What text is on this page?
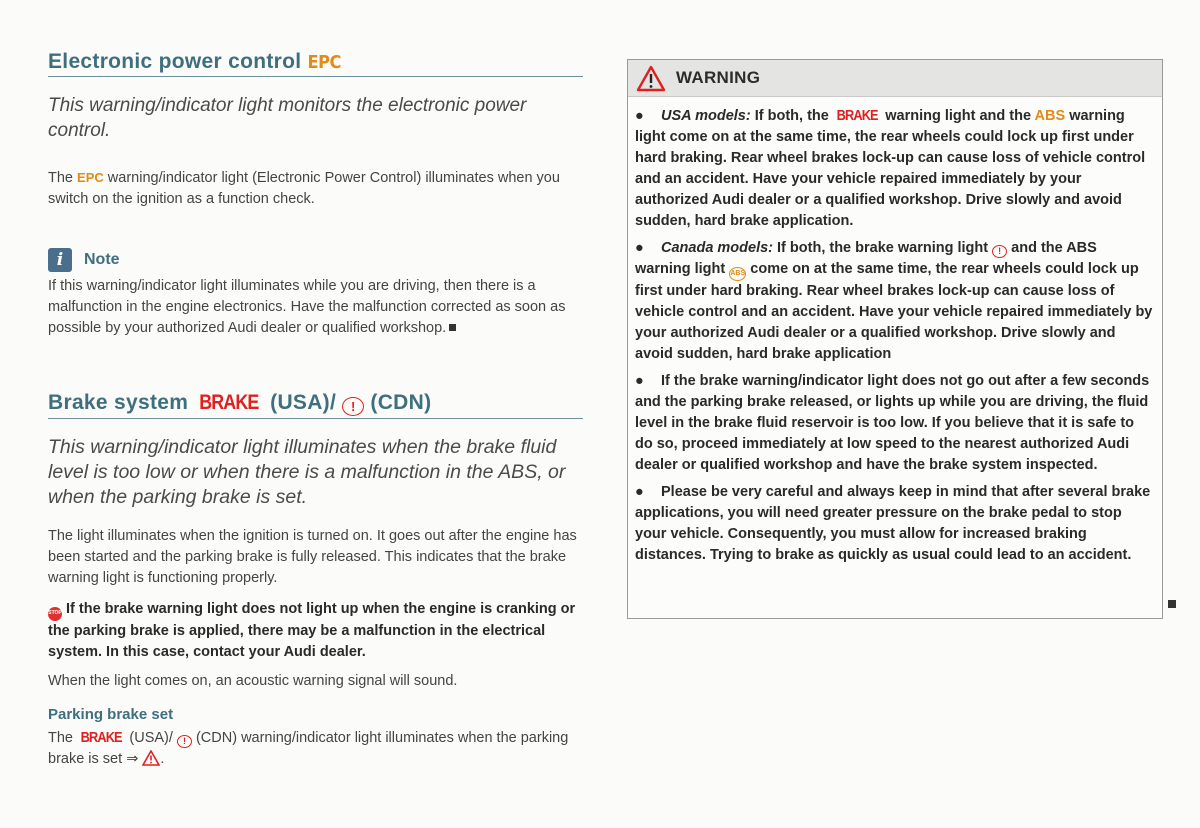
Electronic power control EPC
This warning/indicator light monitors the electronic power control.
The EPC warning/indicator light (Electronic Power Control) illuminates when you switch on the ignition as a function check.
i	Note
If this warning/indicator light illuminates while you are driving, then there is a malfunction in the engine electronics. Have the malfunction corrected as soon as possible by your authorized Audi dealer or qualified workshop.
Brake system BRAKE (USA)/ ! (CDN)
This warning/indicator light illuminates when the brake fluid level is too low or when there is a malfunction in the ABS, or when the parking brake is set.
The light illuminates when the ignition is turned on. It goes out after the engine has been started and the parking brake is fully released. This indicates that the brake warning light is functioning properly.
STOP If the brake warning light does not light up when the engine is cranking or the parking brake is applied, there may be a malfunction in the electrical system. In this case, contact your Audi dealer.
When the light comes on, an acoustic warning signal will sound.
Parking brake set
The BRAKE (USA)/ ! (CDN) warning/indicator light illuminates when the parking brake is set ⇒ .
WARNING
● USA models: If both, the BRAKE warning light and the ABS warning light come on at the same time, the rear wheels could lock up first under hard braking. Rear wheel brakes lock-up can cause loss of vehicle control and an accident. Have your vehicle repaired immediately by your authorized Audi dealer or a qualified workshop. Drive slowly and avoid sudden, hard brake application.
● Canada models: If both, the brake warning light ! and the ABS warning light ABS come on at the same time, the rear wheels could lock up first under hard braking. Rear wheel brakes lock-up can cause loss of vehicle control and an accident. Have your vehicle repaired immediately by your authorized Audi dealer or a qualified workshop. Drive slowly and avoid sudden, hard brake application
● If the brake warning/indicator light does not go out after a few seconds and the parking brake released, or lights up while you are driving, the fluid level in the brake fluid reservoir is too low. If you believe that it is safe to do so, proceed immediately at low speed to the nearest authorized Audi dealer or qualified workshop and have the brake system inspected.
● Please be very careful and always keep in mind that after several brake applications, you will need greater pressure on the brake pedal to stop your vehicle. Consequently, you must allow for increased braking distances. Trying to brake as quickly as usual could lead to an accident.
